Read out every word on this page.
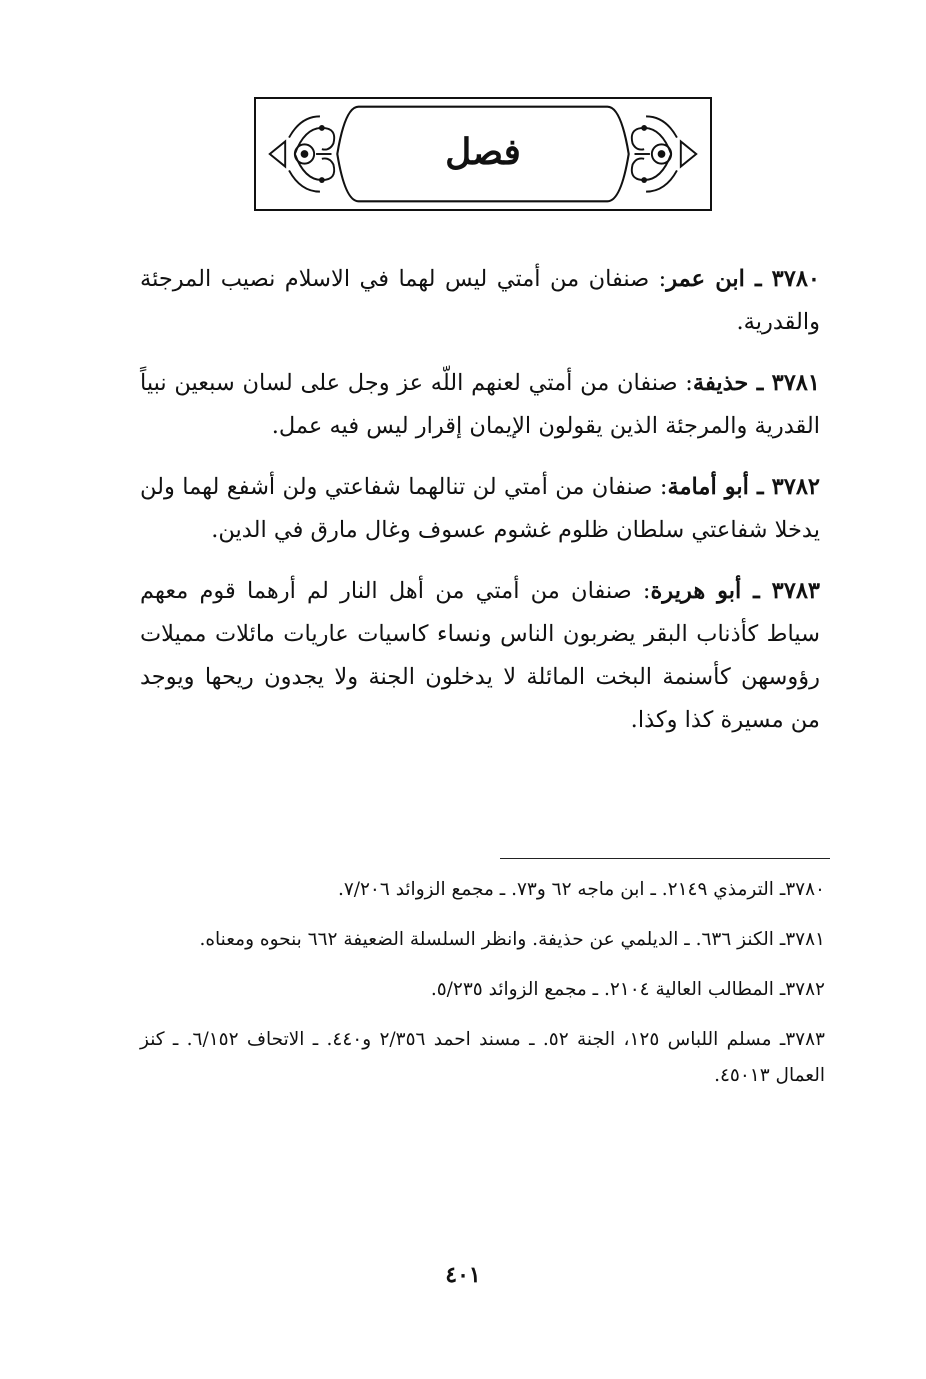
فصل

٣٧٨٠ ـ ابن عمر: صنفان من أمتي ليس لهما في الاسلام نصيب المرجئة والقدرية.

٣٧٨١ ـ حذيفة: صنفان من أمتي لعنهم اللّه عز وجل على لسان سبعين نبياً القدرية والمرجئة الذين يقولون الإيمان إقرار ليس فيه عمل.

٣٧٨٢ ـ أبو أمامة: صنفان من أمتي لن تنالهما شفاعتي ولن أشفع لهما ولن يدخلا شفاعتي سلطان ظلوم غشوم عسوف وغال مارق في الدين.

٣٧٨٣ ـ أبو هريرة: صنفان من أمتي من أهل النار لم أرهما قوم معهم سياط كأذناب البقر يضربون الناس ونساء كاسيات عاريات مائلات مميلات رؤوسهن كأسنمة البخت المائلة لا يدخلون الجنة ولا يجدون ريحها ويوجد من مسيرة كذا وكذا.

٣٧٨٠ـ الترمذي ٢١٤٩. ـ ابن ماجه ٦٢ و٧٣. ـ مجمع الزوائد ٧/٢٠٦.

٣٧٨١ـ الكنز ٦٣٦. ـ الديلمي عن حذيفة. وانظر السلسلة الضعيفة ٦٦٢ بنحوه ومعناه.

٣٧٨٢ـ المطالب العالية ٢١٠٤. ـ مجمع الزوائد ٥/٢٣٥.

٣٧٨٣ـ مسلم اللباس ١٢٥، الجنة ٥٢. ـ مسند احمد ٢/٣٥٦ و٤٤٠. ـ الاتحاف ٦/١٥٢. ـ كنز العمال ٤٥٠١٣.

٤٠١
